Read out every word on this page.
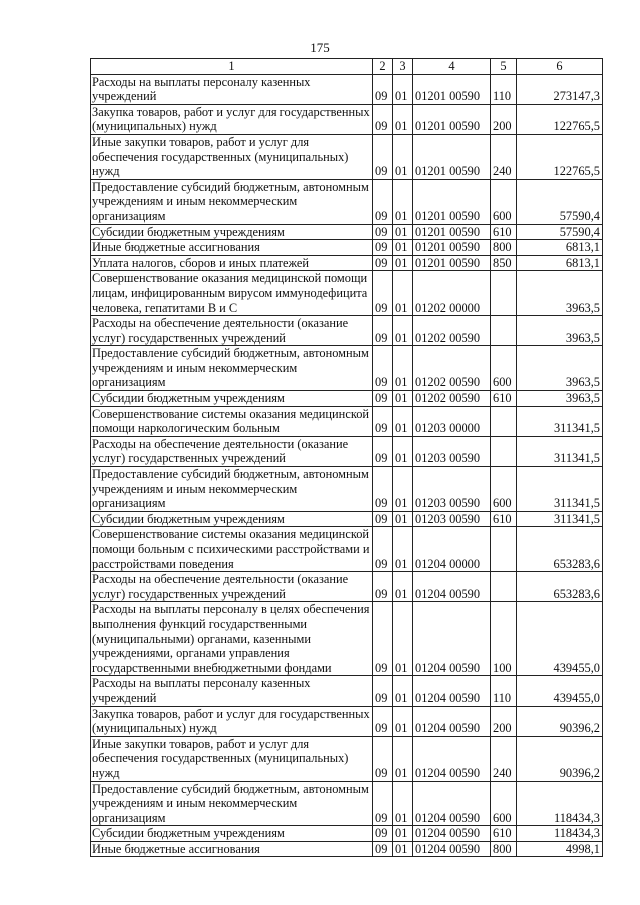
175
1	2	3	4	5	6
Расходы на выплаты персоналу казенных учреждений	09	01	01201 00590	110	273147,3
Закупка товаров, работ и услуг для государственных (муниципальных) нужд	09	01	01201 00590	200	122765,5
Иные закупки товаров, работ и услуг для обеспечения государственных (муниципальных) нужд	09	01	01201 00590	240	122765,5
Предоставление субсидий бюджетным, автономным учреждениям и иным некоммерческим организациям	09	01	01201 00590	600	57590,4
Субсидии бюджетным учреждениям	09	01	01201 00590	610	57590,4
Иные бюджетные ассигнования	09	01	01201 00590	800	6813,1
Уплата налогов, сборов и иных платежей	09	01	01201 00590	850	6813,1
Совершенствование оказания медицинской помощи лицам, инфицированным вирусом иммунодефицита человека, гепатитами В и С	09	01	01202 00000		3963,5
Расходы на обеспечение деятельности (оказание услуг) государственных учреждений	09	01	01202 00590		3963,5
Предоставление субсидий бюджетным, автономным учреждениям и иным некоммерческим организациям	09	01	01202 00590	600	3963,5
Субсидии бюджетным учреждениям	09	01	01202 00590	610	3963,5
Совершенствование системы оказания медицинской помощи наркологическим больным	09	01	01203 00000		311341,5
Расходы на обеспечение деятельности (оказание услуг) государственных учреждений	09	01	01203 00590		311341,5
Предоставление субсидий бюджетным, автономным учреждениям и иным некоммерческим организациям	09	01	01203 00590	600	311341,5
Субсидии бюджетным учреждениям	09	01	01203 00590	610	311341,5
Совершенствование системы оказания медицинской помощи больным с психическими расстройствами и расстройствами поведения	09	01	01204 00000		653283,6
Расходы на обеспечение деятельности (оказание услуг) государственных учреждений	09	01	01204 00590		653283,6
Расходы на выплаты персоналу в целях обеспечения выполнения функций государственными (муниципальными) органами, казенными учреждениями, органами управления государственными внебюджетными фондами	09	01	01204 00590	100	439455,0
Расходы на выплаты персоналу казенных учреждений	09	01	01204 00590	110	439455,0
Закупка товаров, работ и услуг для государственных (муниципальных) нужд	09	01	01204 00590	200	90396,2
Иные закупки товаров, работ и услуг для обеспечения государственных (муниципальных) нужд	09	01	01204 00590	240	90396,2
Предоставление субсидий бюджетным, автономным учреждениям и иным некоммерческим организациям	09	01	01204 00590	600	118434,3
Субсидии бюджетным учреждениям	09	01	01204 00590	610	118434,3
Иные бюджетные ассигнования	09	01	01204 00590	800	4998,1
